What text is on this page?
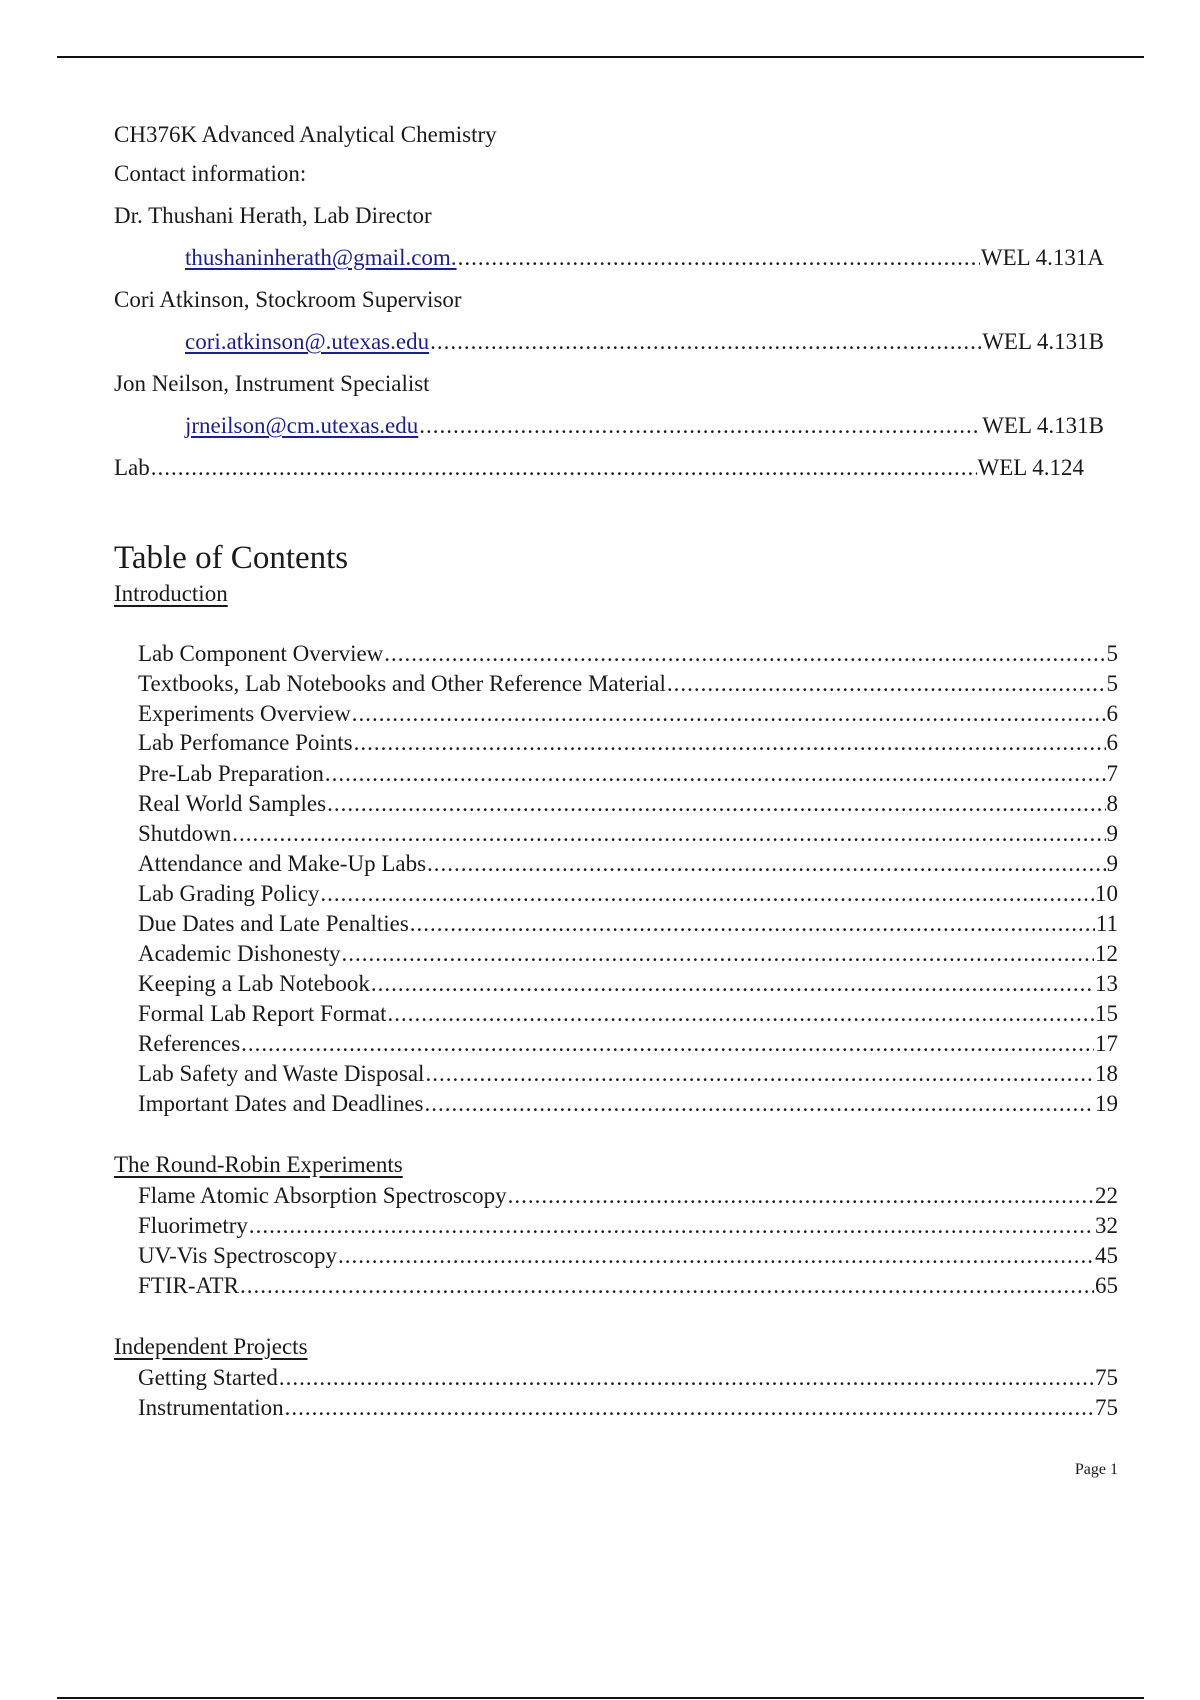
CH376K Advanced Analytical Chemistry
Contact information:
Dr. Thushani Herath, Lab Director
thushaninherath@gmail.com. .....	WEL 4.131A
Cori Atkinson, Stockroom Supervisor
cori.atkinson@.utexas.edu .....	WEL 4.131B
Jon Neilson, Instrument Specialist
jrneilson@cm.utexas.edu .....	WEL 4.131B
Lab .....	WEL 4.124
Table of Contents
Introduction
Lab Component Overview .....	5
Textbooks, Lab Notebooks and Other Reference Material .....	5
Experiments Overview .....	6
Lab Perfomance Points .....	6
Pre-Lab Preparation .....	7
Real World Samples .....	8
Shutdown .....	9
Attendance and Make-Up Labs .....	9
Lab Grading Policy .....	10
Due Dates and Late Penalties .....	11
Academic Dishonesty .....	12
Keeping a Lab Notebook .....	13
Formal Lab Report Format .....	15
References .....	17
Lab Safety and Waste Disposal .....	18
Important Dates and Deadlines .....	19
The Round-Robin Experiments
Flame Atomic Absorption Spectroscopy .....	22
Fluorimetry .....	32
UV-Vis Spectroscopy .....	45
FTIR-ATR .....	65
Independent Projects
Getting Started .....	75
Instrumentation .....	75
Page 1
